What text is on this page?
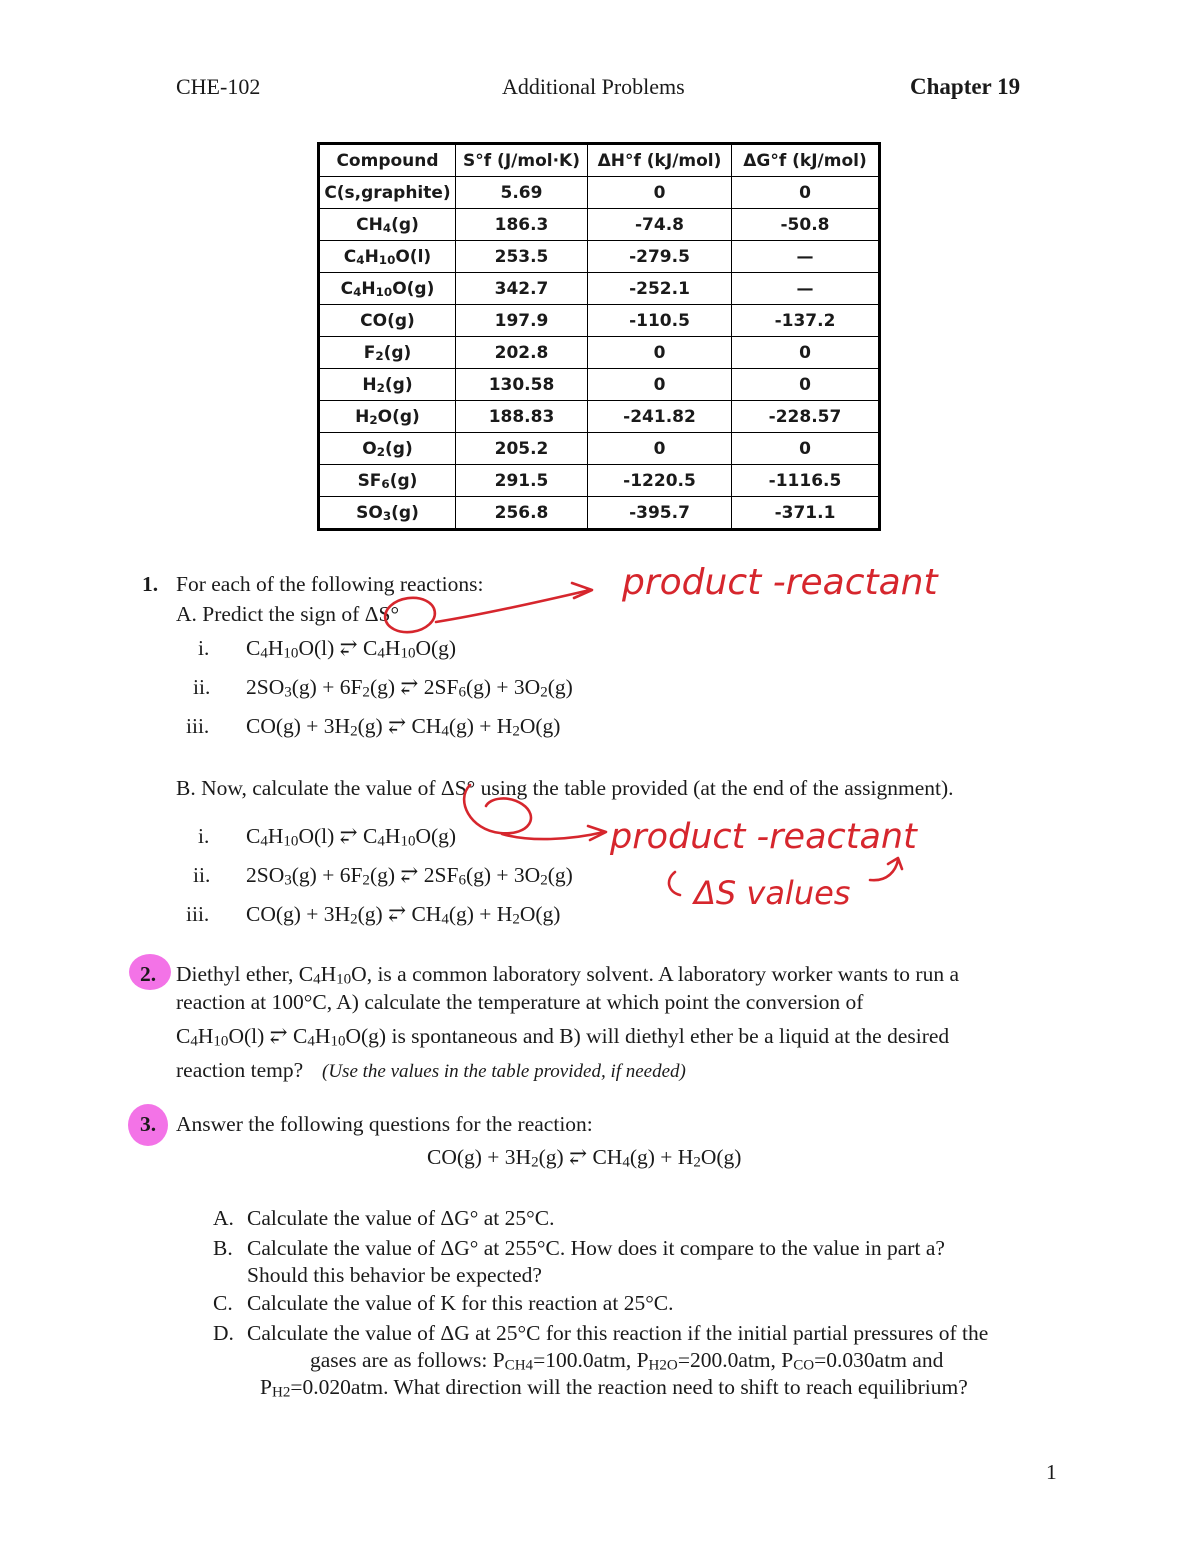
CHE-102	Additional Problems	Chapter 19
Compound	S°f (J/mol·K)	ΔH°f (kJ/mol)	ΔG°f (kJ/mol)
C(s,graphite)	5.69	0	0
$CH_4(g)$	186.3	-74.8	-50.8
$C_4H_{10}O(l)$	253.5	-279.5	—
$C_4H_{10}O(g)$	342.7	-252.1	—
CO(g)	197.9	-110.5	-137.2
$F_2(g)$	202.8	0	0
$H_2(g)$	130.58	0	0
$H_2O(g)$	188.83	-241.82	-228.57
$O_2(g)$	205.2	0	0
$SF_6(g)$	291.5	-1220.5	-1116.5
$SO_3(g)$	256.8	-395.7	-371.1
1. For each of the following reactions:
A. Predict the sign of ΔS°
i. $C_4H_{10}O(l)$ ⥂ $C_4H_{10}O(g)$
ii. $2SO_3(g) + 6F_2(g)$ ⥂ $2SF_6(g) + 3O_2(g)$
iii. $CO(g) + 3H_2(g)$ ⥂ $CH_4(g) + H_2O(g)$
B. Now, calculate the value of ΔS° using the table provided (at the end of the assignment).
i. $C_4H_{10}O(l)$ ⥂ $C_4H_{10}O(g)$
ii. $2SO_3(g) + 6F_2(g)$ ⥂ $2SF_6(g) + 3O_2(g)$
iii. $CO(g) + 3H_2(g)$ ⥂ $CH_4(g) + H_2O(g)$
2. Diethyl ether, $C_4H_{10}O$, is a common laboratory solvent. A laboratory worker wants to run a
reaction at 100°C, A) calculate the temperature at which point the conversion of
$C_4H_{10}O(l)$ ⥂ $C_4H_{10}O(g)$ is spontaneous and B) will diethyl ether be a liquid at the desired
reaction temp? (Use the values in the table provided, if needed)
3. Answer the following questions for the reaction:
$CO(g) + 3H_2(g)$ ⥂ $CH_4(g) + H_2O(g)$
A. Calculate the value of ΔG° at 25°C.
B. Calculate the value of ΔG° at 255°C. How does it compare to the value in part a?
Should this behavior be expected?
C. Calculate the value of K for this reaction at 25°C.
D. Calculate the value of ΔG at 25°C for this reaction if the initial partial pressures of the
gases are as follows: $P_{CH4}=100.0atm$, $P_{H2O}=200.0atm$, $P_{CO}=0.030atm$ and
$P_{H2}=0.020atm$. What direction will the reaction need to shift to reach equilibrium?
1
product -reactant
product -reactant
ΔS values
